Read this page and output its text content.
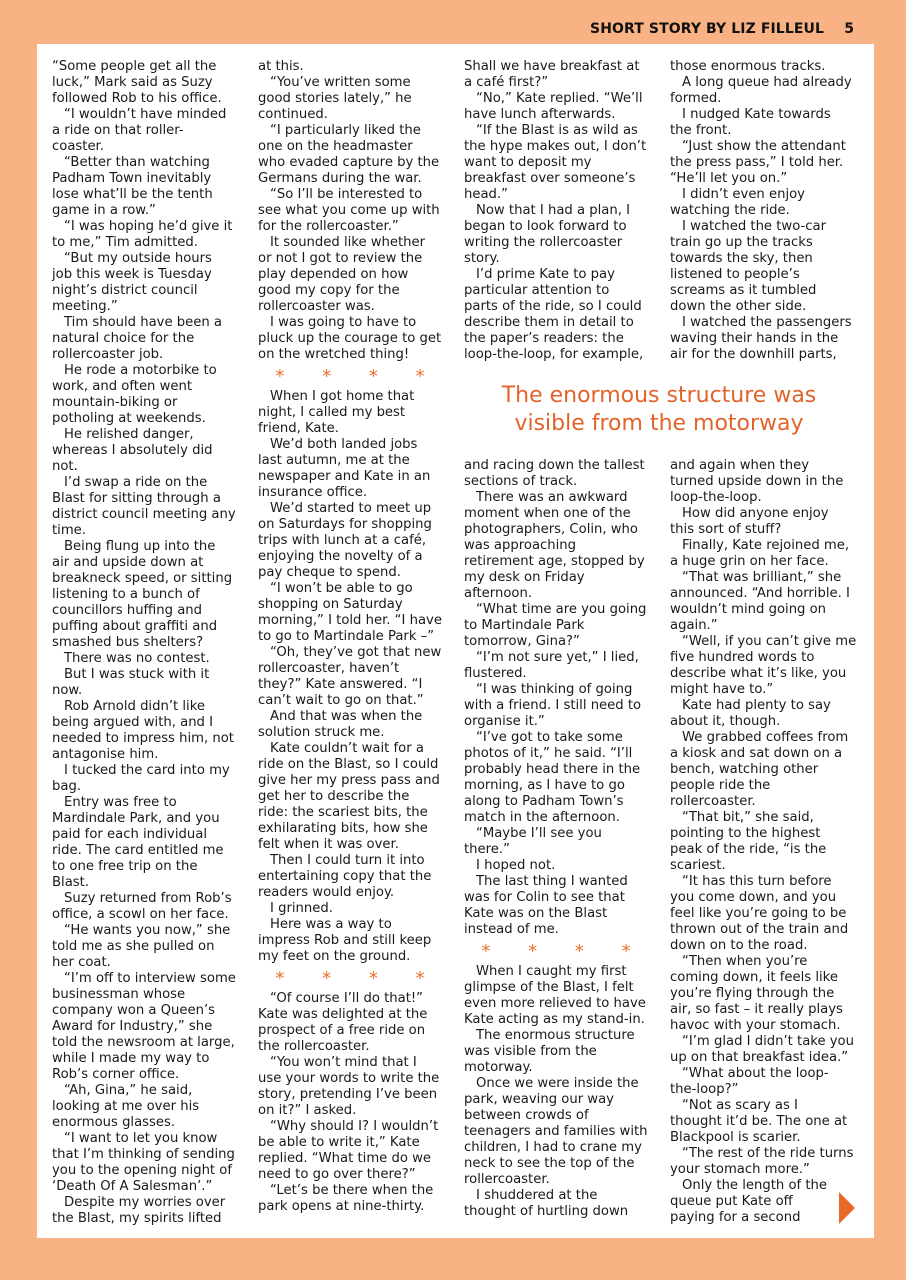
SHORT STORY BY LIZ FILLEUL 5

“Some people get all the

luck,” Mark said as Suzy

followed Rob to his office.

“I wouldn’t have minded

a ride on that roller-

coaster.

“Better than watching

Padham Town inevitably

lose what’ll be the tenth

game in a row.”

“I was hoping he’d give it

to me,” Tim admitted.

“But my outside hours

job this week is Tuesday

night’s district council

meeting.”

Tim should have been a

natural choice for the

rollercoaster job.

He rode a motorbike to

work, and often went

mountain-biking or

potholing at weekends.

He relished danger,

whereas I absolutely did

not.

I’d swap a ride on the

Blast for sitting through a

district council meeting any

time.

Being flung up into the

air and upside down at

breakneck speed, or sitting

listening to a bunch of

councillors huffing and

puffing about graffiti and

smashed bus shelters?

There was no contest.

But I was stuck with it

now.

Rob Arnold didn’t like

being argued with, and I

needed to impress him, not

antagonise him.

I tucked the card into my

bag.

Entry was free to

Mardindale Park, and you

paid for each individual

ride. The card entitled me

to one free trip on the

Blast.

Suzy returned from Rob’s

office, a scowl on her face.

“He wants you now,” she

told me as she pulled on

her coat.

“I’m off to interview some

businessman whose

company won a Queen’s

Award for Industry,” she

told the newsroom at large,

while I made my way to

Rob’s corner office.

“Ah, Gina,” he said,

looking at me over his

enormous glasses.

“I want to let you know

that I’m thinking of sending

you to the opening night of

‘Death Of A Salesman’.”

Despite my worries over

the Blast, my spirits lifted

at this.

“You’ve written some

good stories lately,” he

continued.

“I particularly liked the

one on the headmaster

who evaded capture by the

Germans during the war.

“So I’ll be interested to

see what you come up with

for the rollercoaster.”

It sounded like whether

or not I got to review the

play depended on how

good my copy for the

rollercoaster was.

I was going to have to

pluck up the courage to get

on the wretched thing!

* * * *

When I got home that

night, I called my best

friend, Kate.

We’d both landed jobs

last autumn, me at the

newspaper and Kate in an

insurance office.

We’d started to meet up

on Saturdays for shopping

trips with lunch at a café,

enjoying the novelty of a

pay cheque to spend.

“I won’t be able to go

shopping on Saturday

morning,” I told her. “I have

to go to Martindale Park –”

“Oh, they’ve got that new

rollercoaster, haven’t

they?” Kate answered. “I

can’t wait to go on that.”

And that was when the

solution struck me.

Kate couldn’t wait for a

ride on the Blast, so I could

give her my press pass and

get her to describe the

ride: the scariest bits, the

exhilarating bits, how she

felt when it was over.

Then I could turn it into

entertaining copy that the

readers would enjoy.

I grinned.

Here was a way to

impress Rob and still keep

my feet on the ground.

* * * *

“Of course I’ll do that!”

Kate was delighted at the

prospect of a free ride on

the rollercoaster.

“You won’t mind that I

use your words to write the

story, pretending I’ve been

on it?” I asked.

“Why should I? I wouldn’t

be able to write it,” Kate

replied. “What time do we

need to go over there?”

“Let’s be there when the

park opens at nine-thirty.

Shall we have breakfast at

a café first?”

“No,” Kate replied. “We’ll

have lunch afterwards.

“If the Blast is as wild as

the hype makes out, I don’t

want to deposit my

breakfast over someone’s

head.”

Now that I had a plan, I

began to look forward to

writing the rollercoaster

story.

I’d prime Kate to pay

particular attention to

parts of the ride, so I could

describe them in detail to

the paper’s readers: the

loop-the-loop, for example,

those enormous tracks.

A long queue had already

formed.

I nudged Kate towards

the front.

“Just show the attendant

the press pass,” I told her.

“He’ll let you on.”

I didn’t even enjoy

watching the ride.

I watched the two-car

train go up the tracks

towards the sky, then

listened to people’s

screams as it tumbled

down the other side.

I watched the passengers

waving their hands in the

air for the downhill parts,

The enormous structure was
visible from the motorway

and racing down the tallest

sections of track.

There was an awkward

moment when one of the

photographers, Colin, who

was approaching

retirement age, stopped by

my desk on Friday

afternoon.

“What time are you going

to Martindale Park

tomorrow, Gina?”

“I’m not sure yet,” I lied,

flustered.

“I was thinking of going

with a friend. I still need to

organise it.”

“I’ve got to take some

photos of it,” he said. “I’ll

probably head there in the

morning, as I have to go

along to Padham Town’s

match in the afternoon.

“Maybe I’ll see you

there.”

I hoped not.

The last thing I wanted

was for Colin to see that

Kate was on the Blast

instead of me.

* * * *

When I caught my first

glimpse of the Blast, I felt

even more relieved to have

Kate acting as my stand-in.

The enormous structure

was visible from the

motorway.

Once we were inside the

park, weaving our way

between crowds of

teenagers and families with

children, I had to crane my

neck to see the top of the

rollercoaster.

I shuddered at the

thought of hurtling down

and again when they

turned upside down in the

loop-the-loop.

How did anyone enjoy

this sort of stuff?

Finally, Kate rejoined me,

a huge grin on her face.

“That was brilliant,” she

announced. “And horrible. I

wouldn’t mind going on

again.”

“Well, if you can’t give me

five hundred words to

describe what it’s like, you

might have to.”

Kate had plenty to say

about it, though.

We grabbed coffees from

a kiosk and sat down on a

bench, watching other

people ride the

rollercoaster.

“That bit,” she said,

pointing to the highest

peak of the ride, “is the

scariest.

“It has this turn before

you come down, and you

feel like you’re going to be

thrown out of the train and

down on to the road.

“Then when you’re

coming down, it feels like

you’re flying through the

air, so fast – it really plays

havoc with your stomach.

“I’m glad I didn’t take you

up on that breakfast idea.”

“What about the loop-

the-loop?”

“Not as scary as I

thought it’d be. The one at

Blackpool is scarier.

“The rest of the ride turns

your stomach more.”

Only the length of the

queue put Kate off

paying for a second
